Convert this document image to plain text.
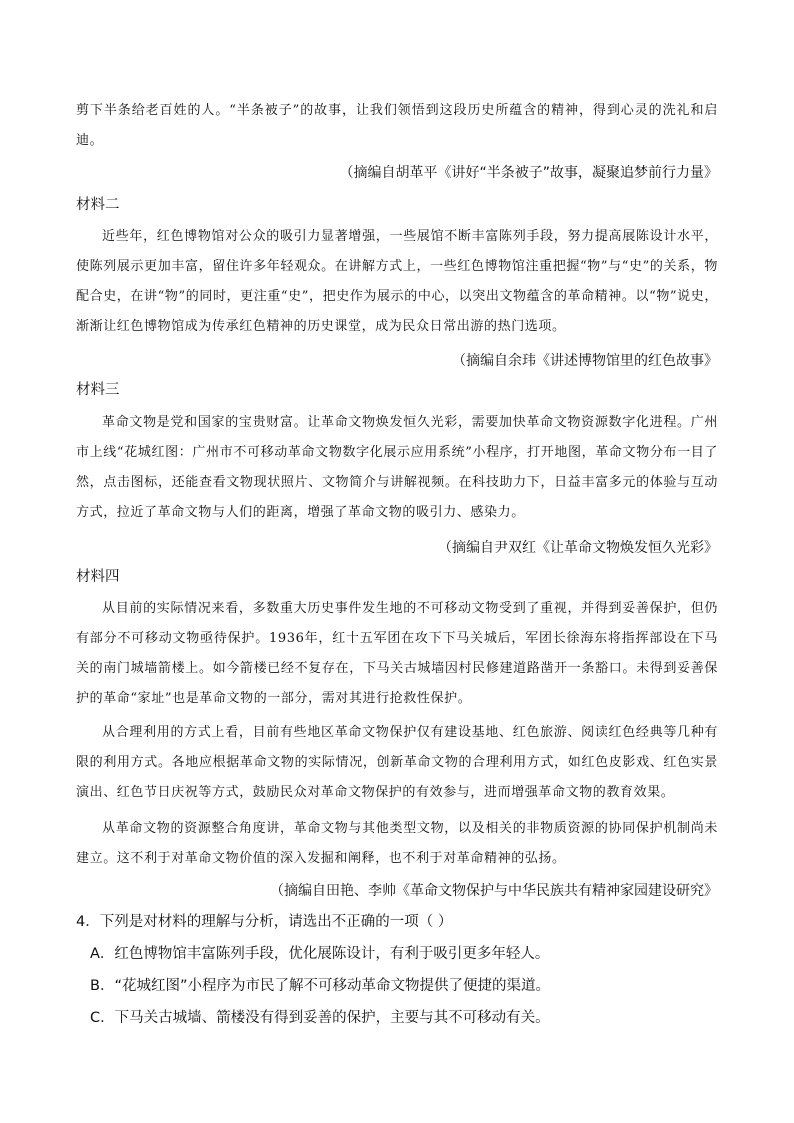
剪下半条给老百姓的人。“半条被子”的故事，让我们领悟到这段历史所蕴含的精神，得到心灵的洗礼和启迪。

（摘编自胡革平《讲好“半条被子”故事，凝聚追梦前行力量》
材料二

近些年，红色博物馆对公众的吸引力显著增强，一些展馆不断丰富陈列手段，努力提高展陈设计水平，使陈列展示更加丰富，留住许多年轻观众。在讲解方式上，一些红色博物馆注重把握“物”与“史”的关系，物配合史，在讲“物”的同时，更注重“史”，把史作为展示的中心，以突出文物蕴含的革命精神。以“物”说史，渐渐让红色博物馆成为传承红色精神的历史课堂，成为民众日常出游的热门选项。

（摘编自余玮《讲述博物馆里的红色故事》
材料三

革命文物是党和国家的宝贵财富。让革命文物焕发恒久光彩，需要加快革命文物资源数字化进程。广州市上线“花城红图：广州市不可移动革命文物数字化展示应用系统”小程序，打开地图，革命文物分布一目了然，点击图标，还能查看文物现状照片、文物简介与讲解视频。在科技助力下，日益丰富多元的体验与互动方式，拉近了革命文物与人们的距离，增强了革命文物的吸引力、感染力。

（摘编自尹双红《让革命文物焕发恒久光彩》
材料四

从目前的实际情况来看，多数重大历史事件发生地的不可移动文物受到了重视，并得到妥善保护，但仍有部分不可移动文物亟待保护。1936年，红十五军团在攻下下马关城后，军团长徐海东将指挥部设在下马关的南门城墙箭楼上。如今箭楼已经不复存在，下马关古城墙因村民修建道路凿开一条豁口。未得到妥善保护的革命“家址”也是革命文物的一部分，需对其进行抢救性保护。

从合理利用的方式上看，目前有些地区革命文物保护仅有建设基地、红色旅游、阅读红色经典等几种有限的利用方式。各地应根据革命文物的实际情况，创新革命文物的合理利用方式，如红色皮影戏、红色实景演出、红色节日庆祝等方式，鼓励民众对革命文物保护的有效参与，进而增强革命文物的教育效果。

从革命文物的资源整合角度讲，革命文物与其他类型文物，以及相关的非物质资源的协同保护机制尚未建立。这不利于对革命文物价值的深入发掘和阐释，也不利于对革命精神的弘扬。

（摘编自田艳、李帅《革命文物保护与中华民族共有精神家园建设研究》
4．下列是对材料的理解与分析，请选出不正确的一项（ ）
A．红色博物馆丰富陈列手段，优化展陈设计，有利于吸引更多年轻人。
B．“花城红图”小程序为市民了解不可移动革命文物提供了便捷的渠道。
C．下马关古城墙、箭楼没有得到妥善的保护，主要与其不可移动有关。
